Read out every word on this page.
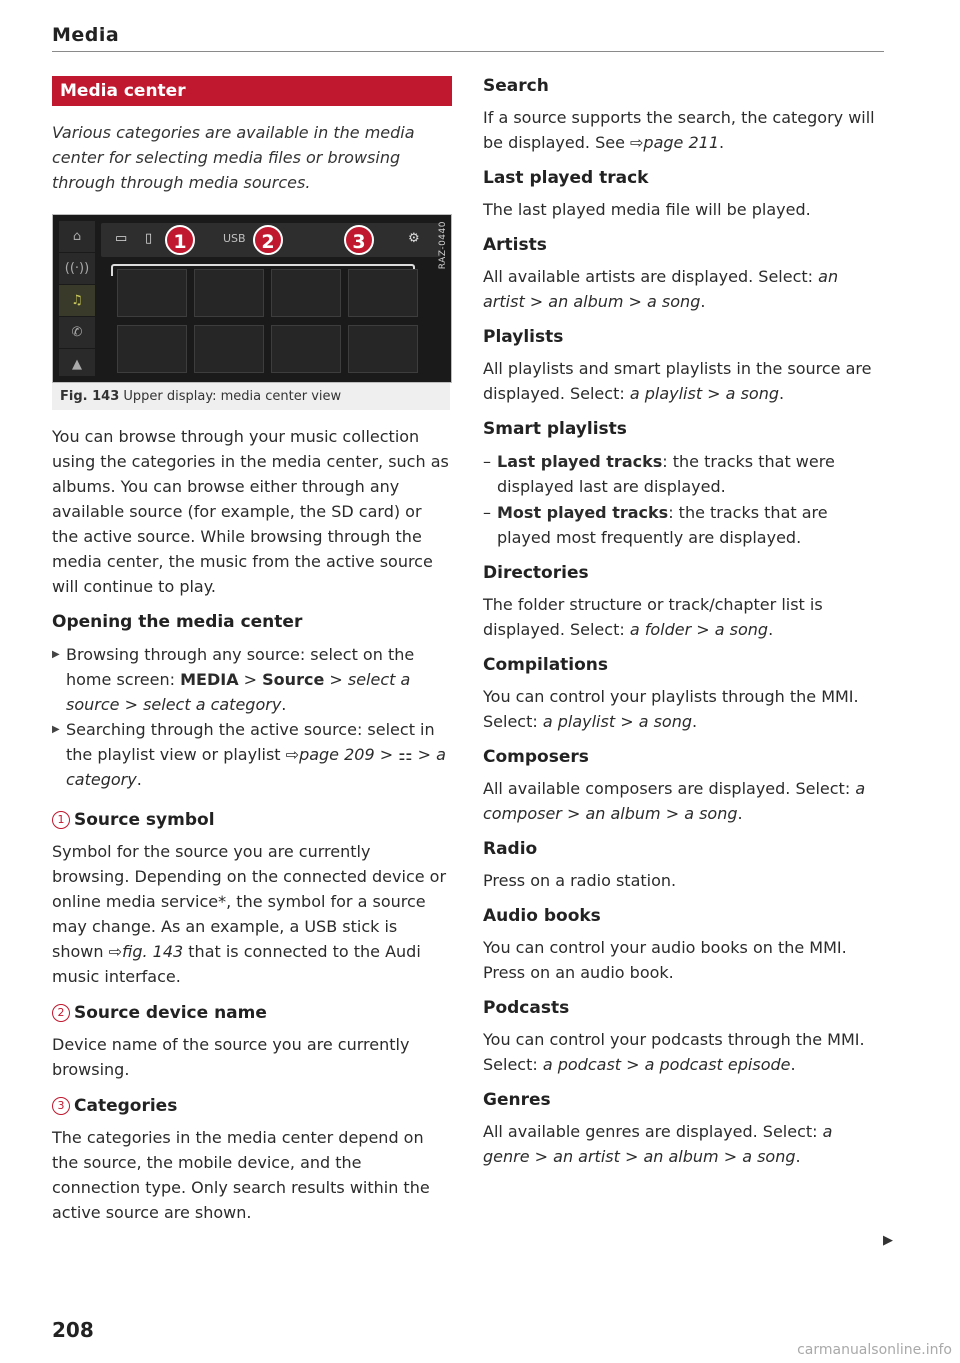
Media
Media center

Various categories are available in the media center for selecting media files or browsing through through media sources.

⌂
((·))
♫
✆
▲
▭ ▯	USB	⚙
1	2	3	RAZ-0440
Fig. 143 Upper display: media center view

You can browse through your music collection using the categories in the media center, such as albums. You can browse either through any available source (for example, the SD card) or the active source. While browsing through the media center, the music from the active source will continue to play.

Opening the media center
▶ Browsing through any source: select on the home screen: MEDIA > Source > select a source > select a category.
▶ Searching through the active source: select in the playlist view or playlist ⇨page 209 > ⚏ > a category.
1 Source symbol

Symbol for the source you are currently browsing. Depending on the connected device or online media service*, the symbol for a source may change. As an example, a USB stick is shown ⇨fig. 143 that is connected to the Audi music interface.

2 Source device name

Device name of the source you are currently browsing.

3 Categories

The categories in the media center depend on the source, the mobile device, and the connection type. Only search results within the active source are shown.

Search

If a source supports the search, the category will be displayed. See ⇨page 211.

Last played track

The last played media file will be played.

Artists

All available artists are displayed. Select: an artist > an album > a song.

Playlists

All playlists and smart playlists in the source are displayed. Select: a playlist > a song.

Smart playlists
– Last played tracks: the tracks that were displayed last are displayed.
– Most played tracks: the tracks that are played most frequently are displayed.
Directories

The folder structure or track/chapter list is displayed. Select: a folder > a song.

Compilations

You can control your playlists through the MMI. Select: a playlist > a song.

Composers

All available composers are displayed. Select: a composer > an album > a song.

Radio

Press on a radio station.

Audio books

You can control your audio books on the MMI. Press on an audio book.

Podcasts

You can control your podcasts through the MMI. Select: a podcast > a podcast episode.

Genres

All available genres are displayed. Select: a genre > an artist > an album > a song.

▶
208
carmanualsonline.info
